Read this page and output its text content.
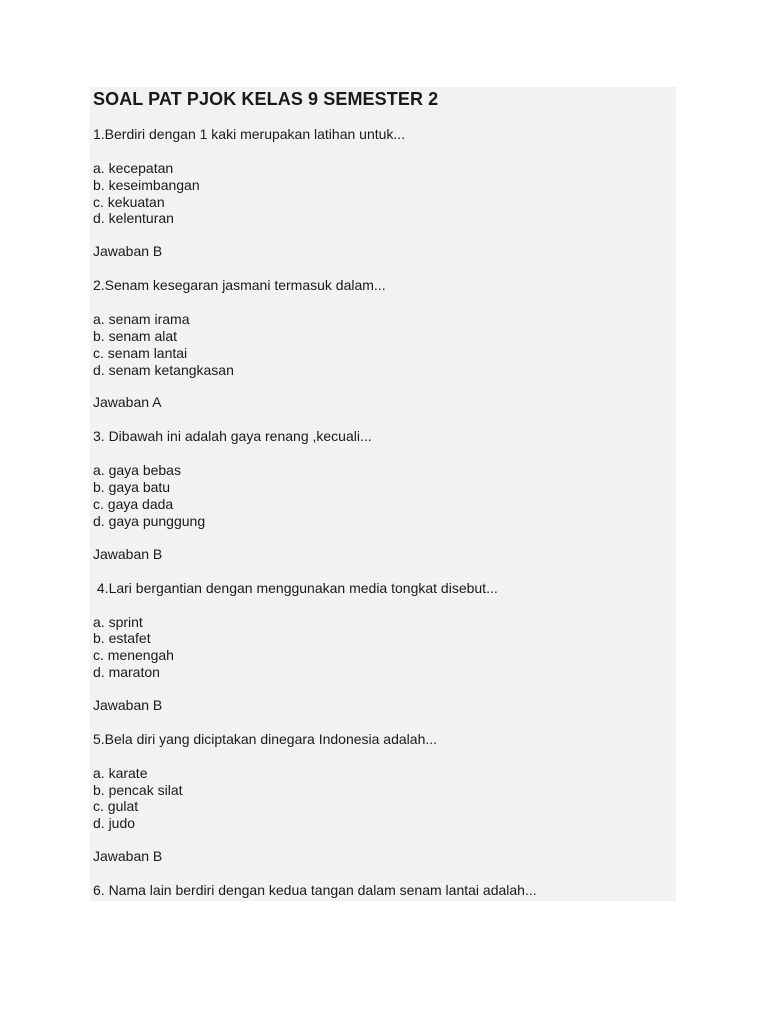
SOAL PAT PJOK KELAS 9 SEMESTER 2

1.Berdiri dengan 1 kaki merupakan latihan untuk...

a. kecepatan
b. keseimbangan
c. kekuatan
d. kelenturan

Jawaban B

2.Senam kesegaran jasmani termasuk dalam...

a. senam irama
b. senam alat
c. senam lantai
d. senam ketangkasan

Jawaban A

3. Dibawah ini adalah gaya renang ,kecuali...

a. gaya bebas
b. gaya batu
c. gaya dada
d. gaya punggung

Jawaban B

4.Lari bergantian dengan menggunakan media tongkat disebut...

a. sprint
b. estafet
c. menengah
d. maraton

Jawaban B

5.Bela diri yang diciptakan dinegara Indonesia adalah...

a. karate
b. pencak silat
c. gulat
d. judo

Jawaban B

6. Nama lain berdiri dengan kedua tangan dalam senam lantai adalah...
